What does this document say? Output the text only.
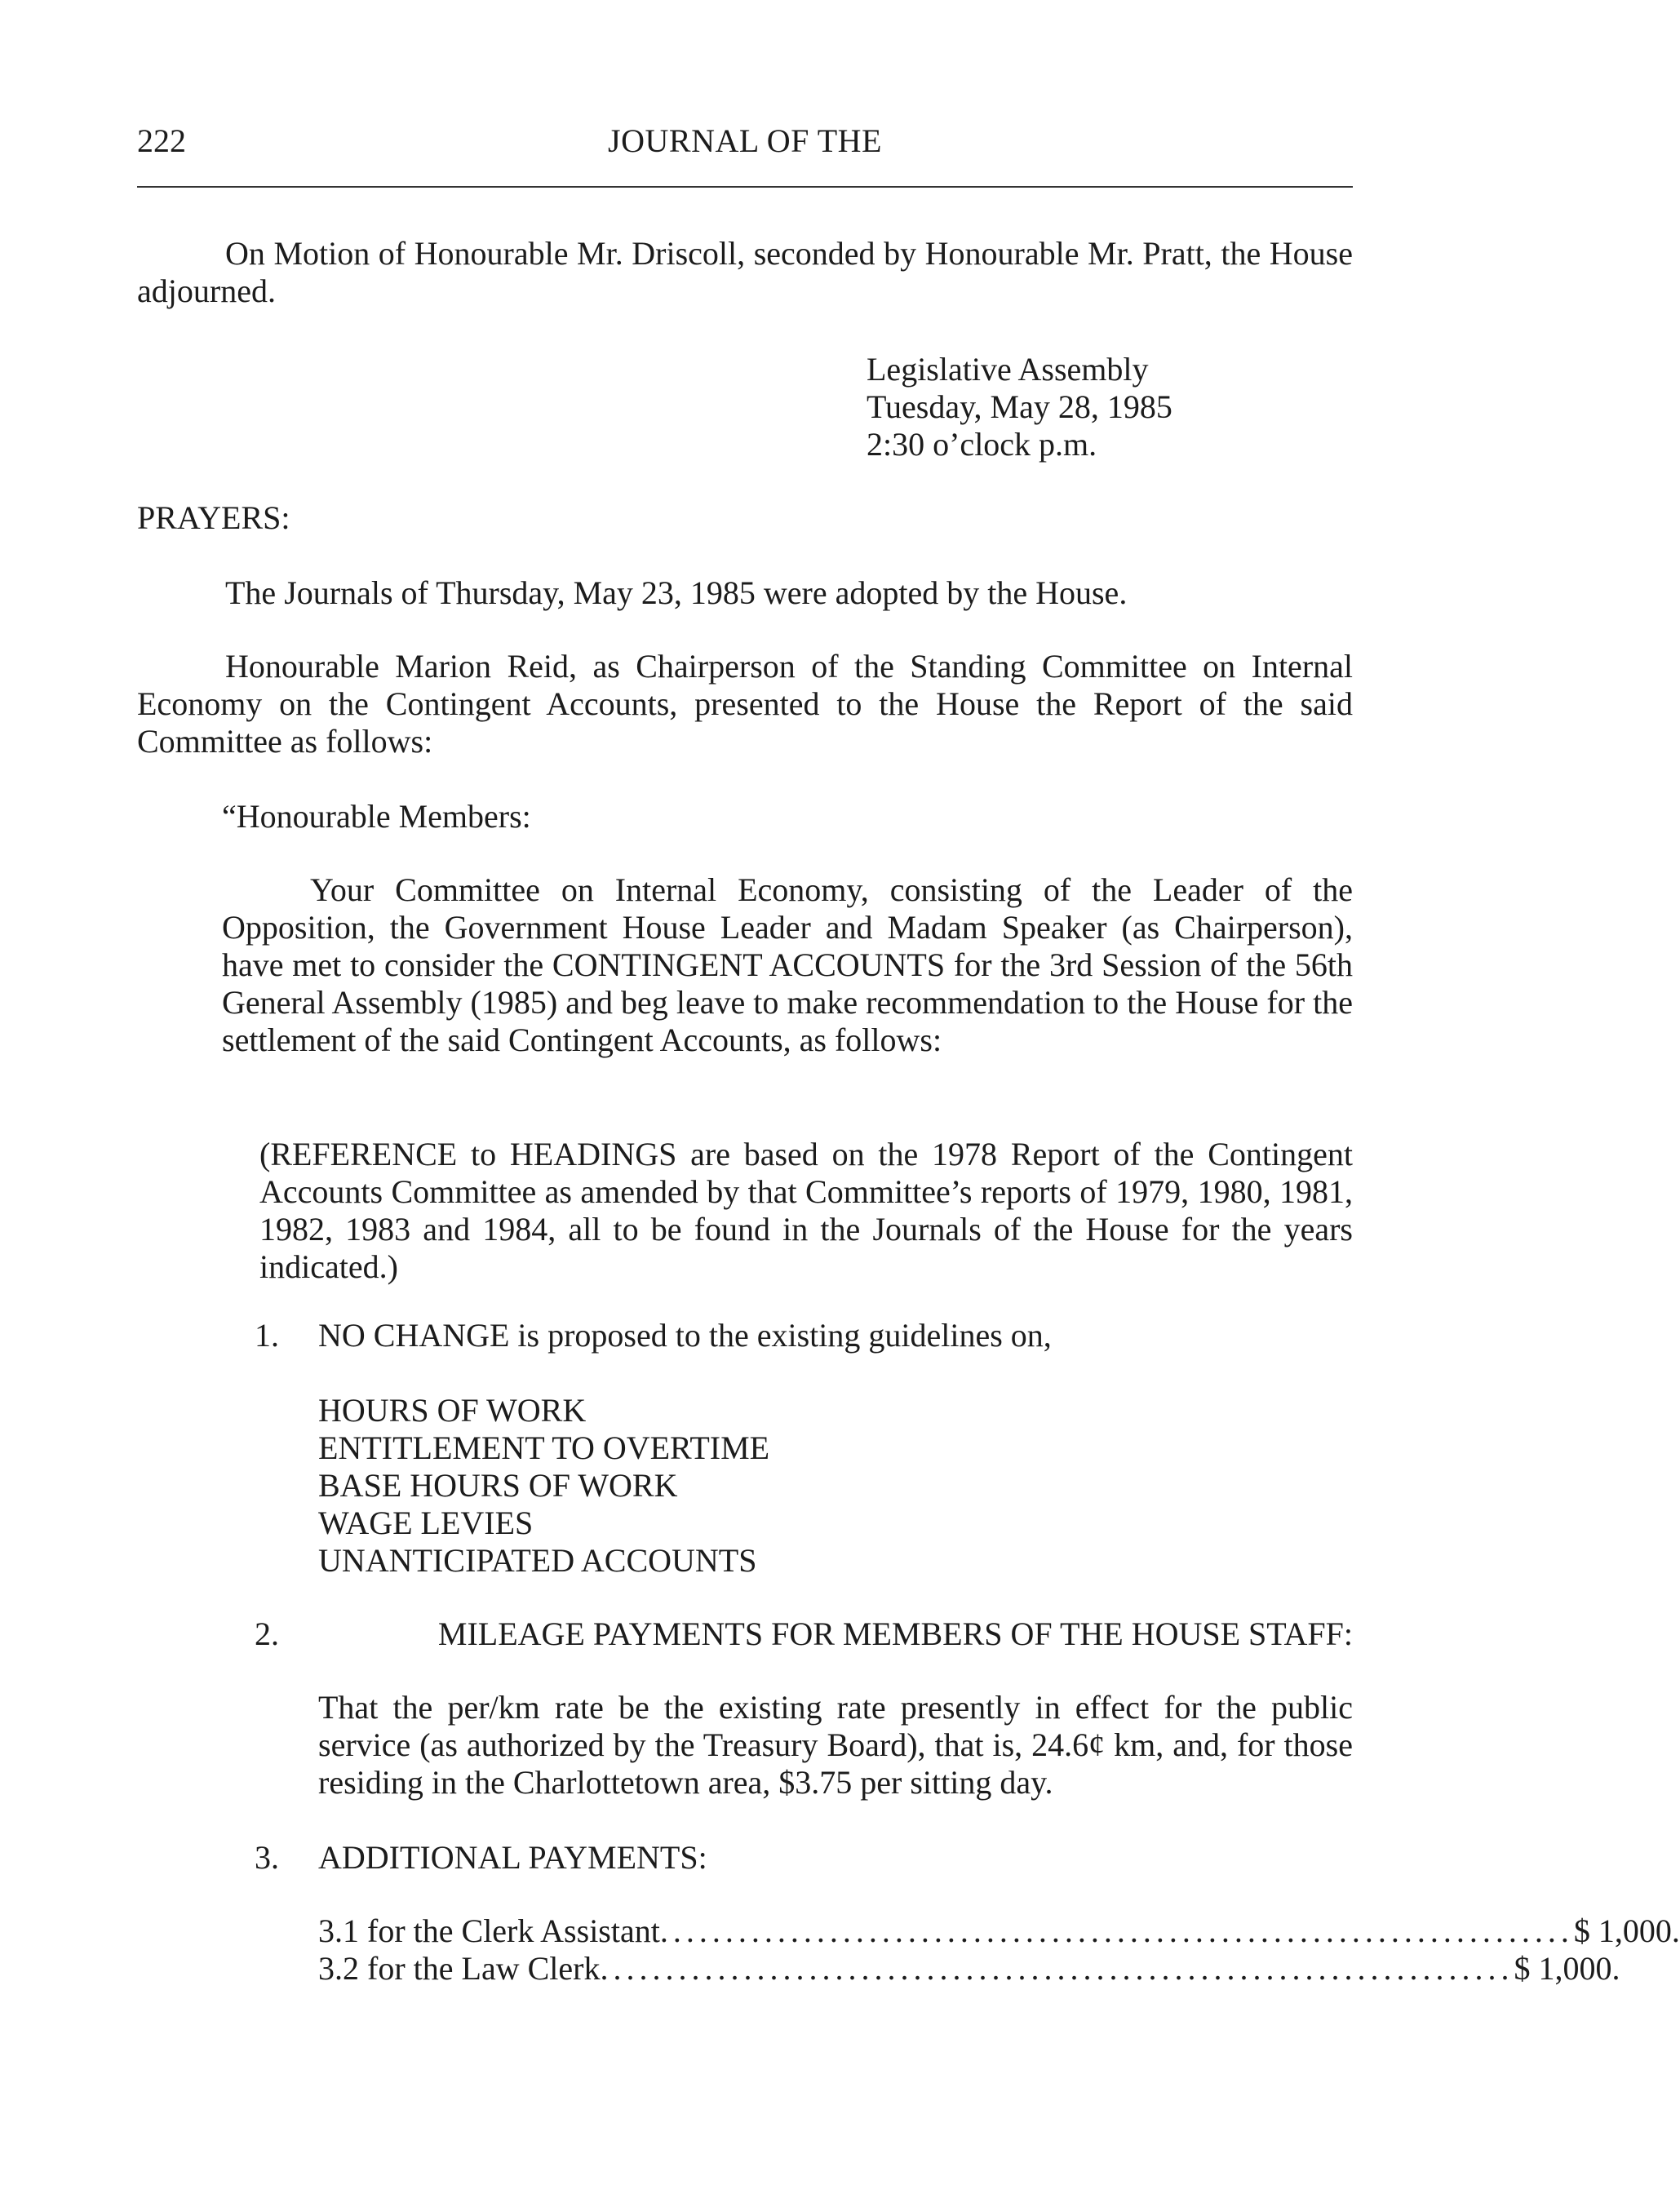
222	JOURNAL OF THE
On Motion of Honourable Mr. Driscoll, seconded by Honourable Mr. Pratt, the House adjourned.
Legislative Assembly
Tuesday, May 28, 1985
2:30 o’clock p.m.
PRAYERS:
The Journals of Thursday, May 23, 1985 were adopted by the House.
Honourable Marion Reid, as Chairperson of the Standing Committee on Internal Economy on the Contingent Accounts, presented to the House the Report of the said Committee as follows:
“Honourable Members:
Your Committee on Internal Economy, consisting of the Leader of the Opposition, the Government House Leader and Madam Speaker (as Chairperson), have met to consider the CONTINGENT ACCOUNTS for the 3rd Session of the 56th General Assembly (1985) and beg leave to make recommendation to the House for the settlement of the said Contingent Accounts, as follows:
(REFERENCE to HEADINGS are based on the 1978 Report of the Contingent Accounts Committee as amended by that Committee’s reports of 1979, 1980, 1981, 1982, 1983 and 1984, all to be found in the Journals of the House for the years indicated.)
1. NO CHANGE is proposed to the existing guidelines on,
HOURS OF WORK
ENTITLEMENT TO OVERTIME
BASE HOURS OF WORK
WAGE LEVIES
UNANTICIPATED ACCOUNTS
2.	MILEAGE PAYMENTS FOR MEMBERS OF THE HOUSE STAFF:
That the per/km rate be the existing rate presently in effect for the public service (as authorized by the Treasury Board), that is, 24.6¢ km, and, for those residing in the Charlottetown area, $3.75 per sitting day.
3. ADDITIONAL PAYMENTS:
3.1 for the Clerk Assistant ...................................................................... $ 1,000.
3.2 for the Law Clerk ...................................................................... $ 1,000.
